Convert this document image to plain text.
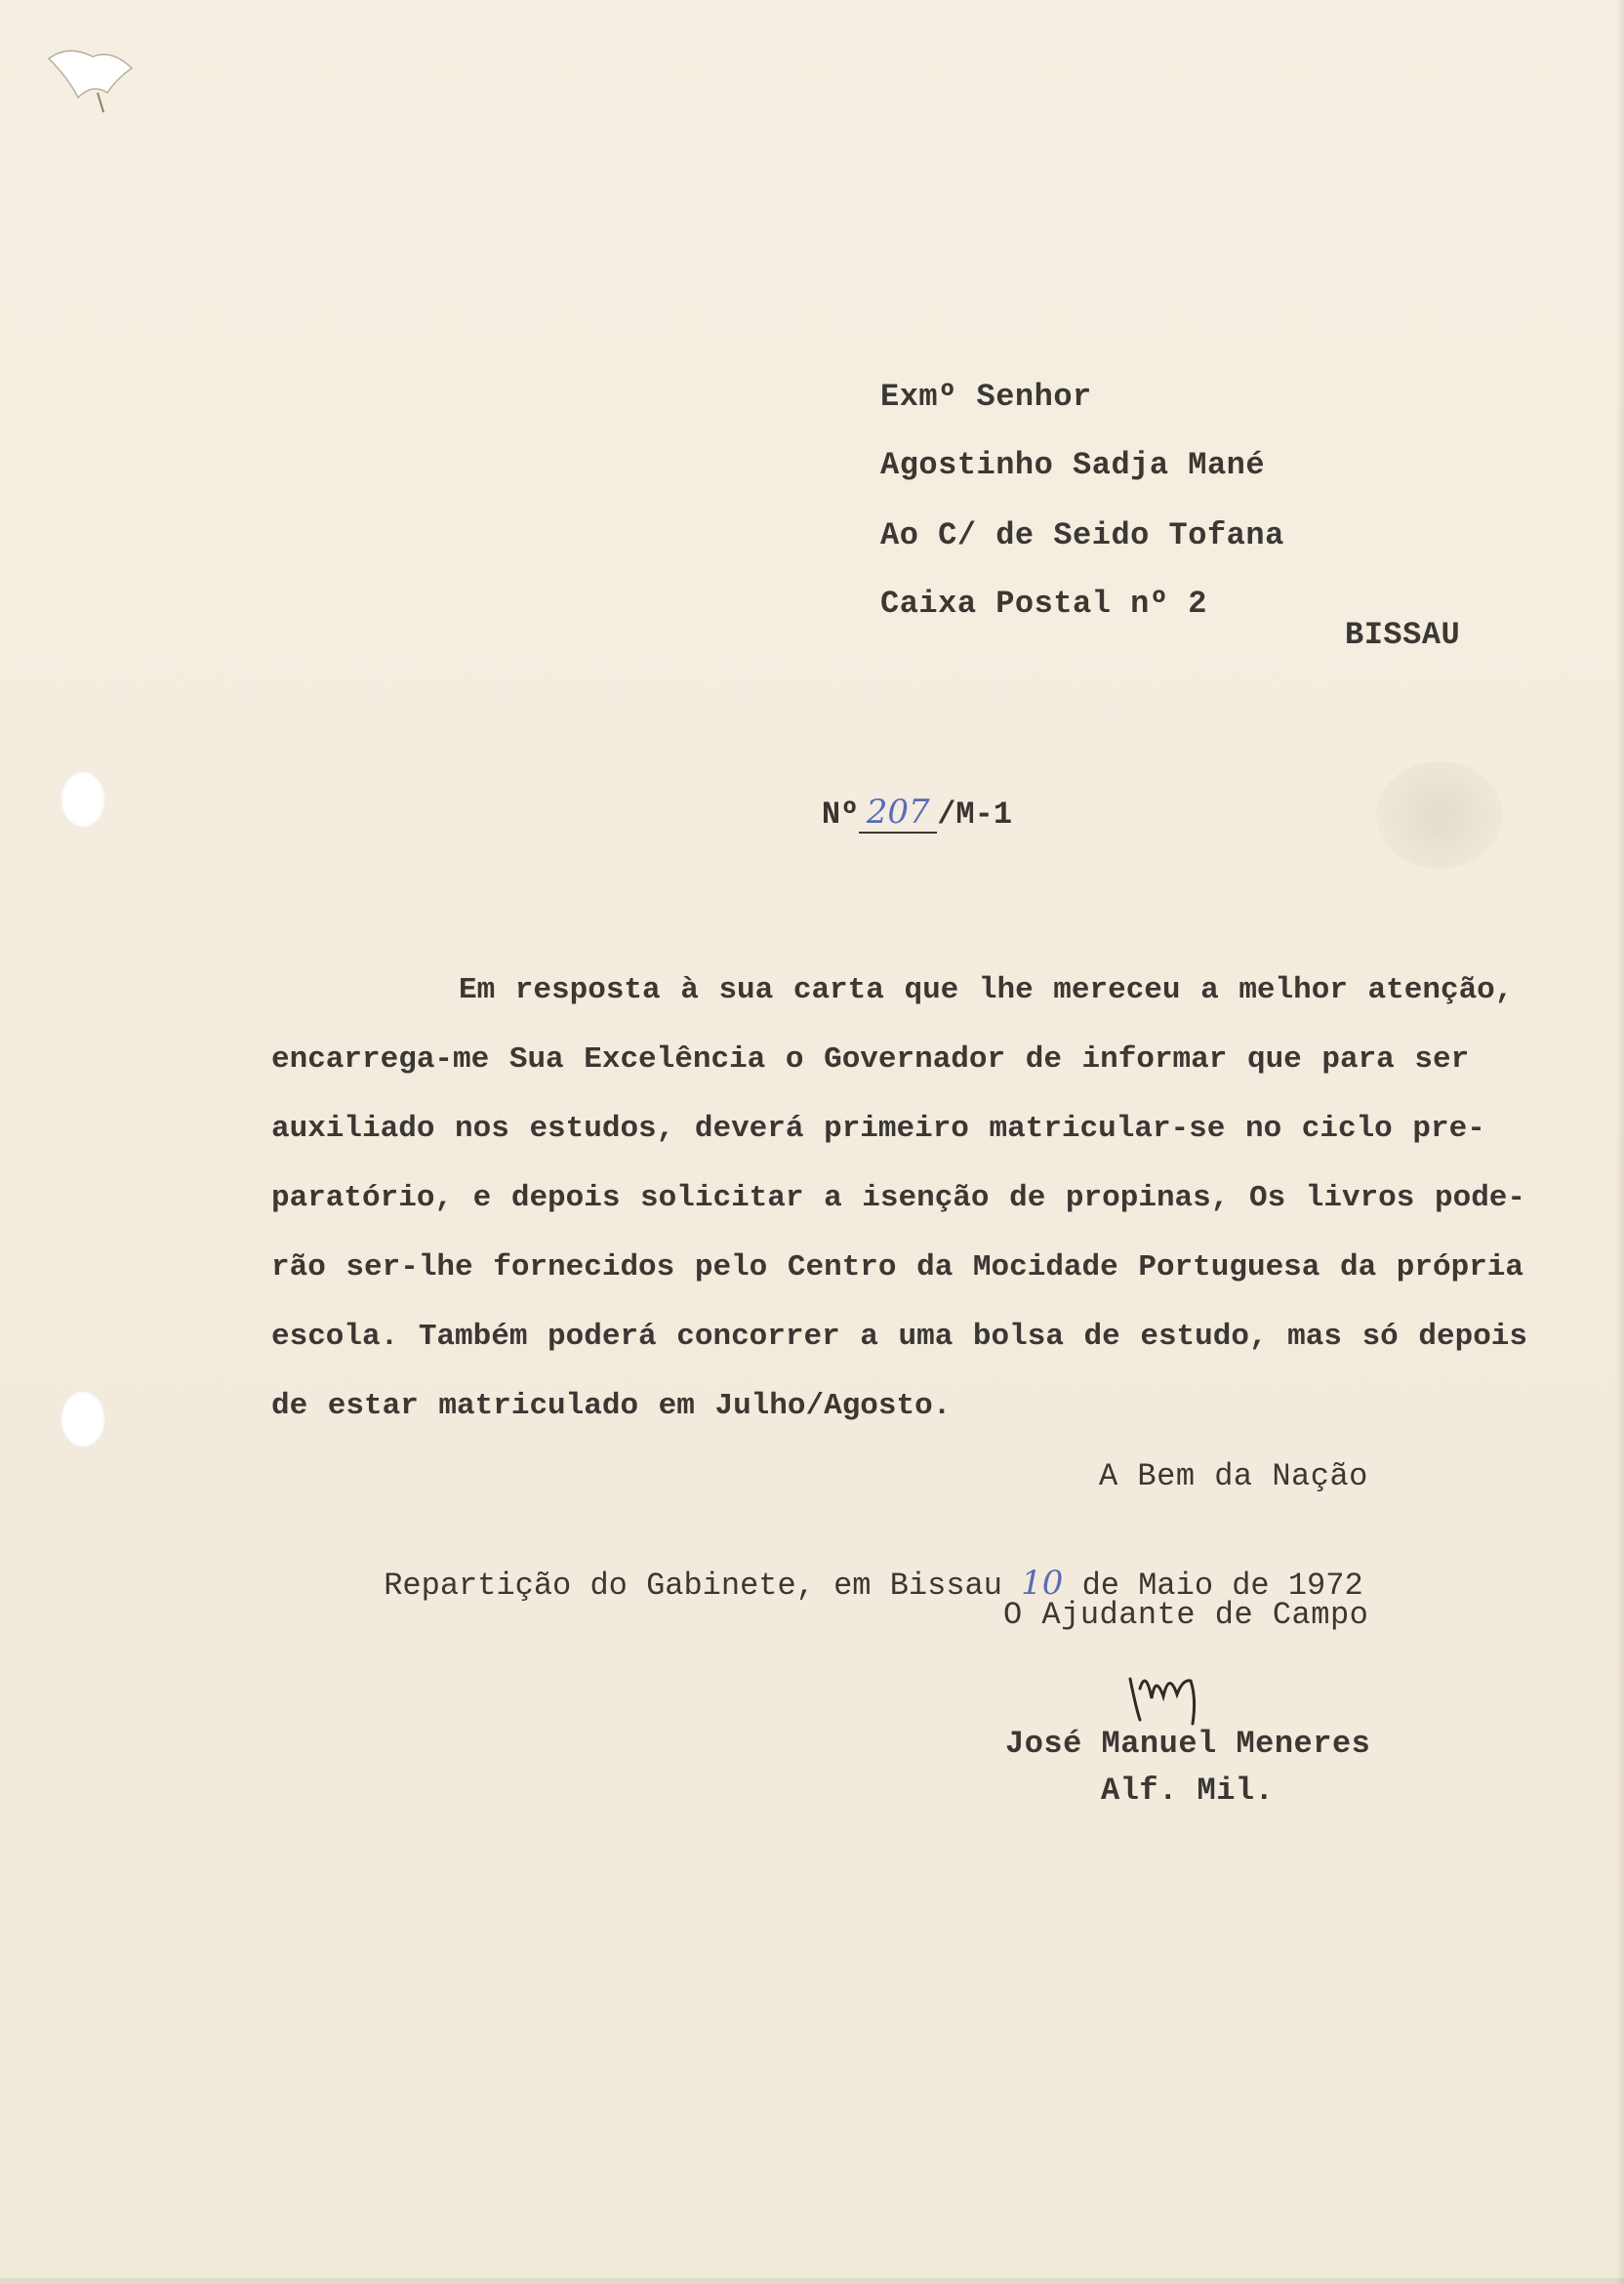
Exmº Senhor
Agostinho Sadja Mané
Ao C/ de Seido Tofana
Caixa Postal nº 2
BISSAU

Nº 207 /M-1

Em resposta à sua carta que lhe mereceu a melhor atenção,
encarrega-me Sua Excelência o Governador de informar que para ser
auxiliado nos estudos, deverá primeiro matricular-se no ciclo pre-
paratório, e depois solicitar a isenção de propinas, Os livros pode-
rão ser-lhe fornecidos pelo Centro da Mocidade Portuguesa da própria
escola. Também poderá concorrer a uma bolsa de estudo, mas só depois
de estar matriculado em Julho/Agosto.
A Bem da Nação

Repartição do Gabinete, em Bissau 10 de Maio de 1972

O Ajudante de Campo
José Manuel Meneres
Alf. Mil.
